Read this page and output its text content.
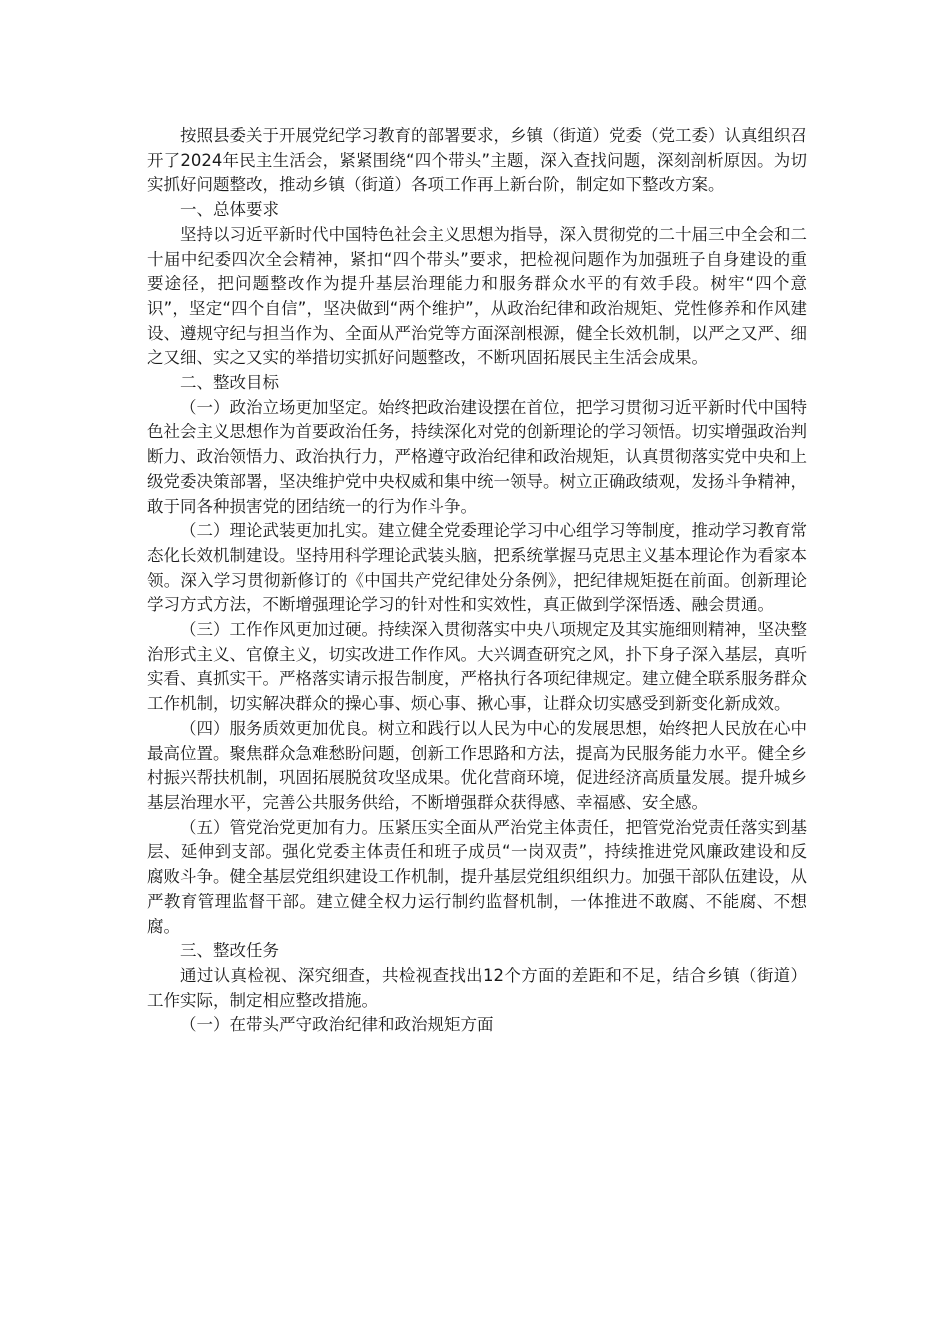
按照县委关于开展党纪学习教育的部署要求，乡镇（街道）党委（党工委）认真组织召开了2024年民主生活会，紧紧围绕“四个带头”主题，深入查找问题，深刻剖析原因。为切实抓好问题整改，推动乡镇（街道）各项工作再上新台阶，制定如下整改方案。

一、总体要求

坚持以习近平新时代中国特色社会主义思想为指导，深入贯彻党的二十届三中全会和二十届中纪委四次全会精神，紧扣“四个带头”要求，把检视问题作为加强班子自身建设的重要途径，把问题整改作为提升基层治理能力和服务群众水平的有效手段。树牢“四个意识”，坚定“四个自信”，坚决做到“两个维护”，从政治纪律和政治规矩、党性修养和作风建设、遵规守纪与担当作为、全面从严治党等方面深剖根源，健全长效机制，以严之又严、细之又细、实之又实的举措切实抓好问题整改，不断巩固拓展民主生活会成果。

二、整改目标

（一）政治立场更加坚定。始终把政治建设摆在首位，把学习贯彻习近平新时代中国特色社会主义思想作为首要政治任务，持续深化对党的创新理论的学习领悟。切实增强政治判断力、政治领悟力、政治执行力，严格遵守政治纪律和政治规矩，认真贯彻落实党中央和上级党委决策部署，坚决维护党中央权威和集中统一领导。树立正确政绩观，发扬斗争精神，敢于同各种损害党的团结统一的行为作斗争。

（二）理论武装更加扎实。建立健全党委理论学习中心组学习等制度，推动学习教育常态化长效机制建设。坚持用科学理论武装头脑，把系统掌握马克思主义基本理论作为看家本领。深入学习贯彻新修订的《中国共产党纪律处分条例》，把纪律规矩挺在前面。创新理论学习方式方法，不断增强理论学习的针对性和实效性，真正做到学深悟透、融会贯通。

（三）工作作风更加过硬。持续深入贯彻落实中央八项规定及其实施细则精神，坚决整治形式主义、官僚主义，切实改进工作作风。大兴调查研究之风，扑下身子深入基层，真听实看、真抓实干。严格落实请示报告制度，严格执行各项纪律规定。建立健全联系服务群众工作机制，切实解决群众的操心事、烦心事、揪心事，让群众切实感受到新变化新成效。

（四）服务质效更加优良。树立和践行以人民为中心的发展思想，始终把人民放在心中最高位置。聚焦群众急难愁盼问题，创新工作思路和方法，提高为民服务能力水平。健全乡村振兴帮扶机制，巩固拓展脱贫攻坚成果。优化营商环境，促进经济高质量发展。提升城乡基层治理水平，完善公共服务供给，不断增强群众获得感、幸福感、安全感。

（五）管党治党更加有力。压紧压实全面从严治党主体责任，把管党治党责任落实到基层、延伸到支部。强化党委主体责任和班子成员“一岗双责”，持续推进党风廉政建设和反腐败斗争。健全基层党组织建设工作机制，提升基层党组织组织力。加强干部队伍建设，从严教育管理监督干部。建立健全权力运行制约监督机制，一体推进不敢腐、不能腐、不想腐。

三、整改任务

通过认真检视、深究细查，共检视查找出12个方面的差距和不足，结合乡镇（街道）工作实际，制定相应整改措施。

（一）在带头严守政治纪律和政治规矩方面
